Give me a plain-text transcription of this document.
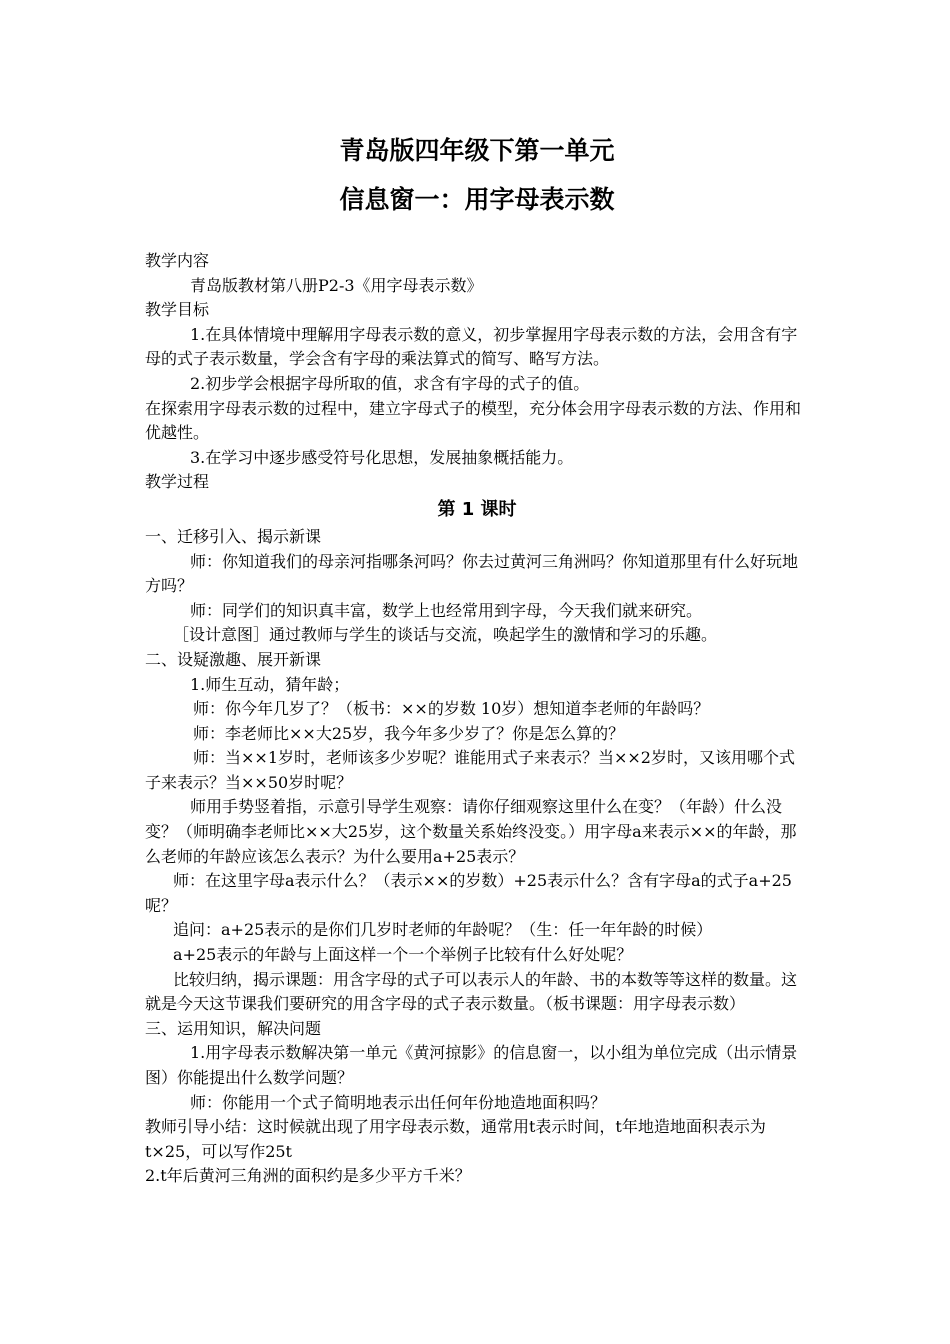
青岛版四年级下第一单元
信息窗一：用字母表示数

教学内容

青岛版教材第八册P2-3《用字母表示数》

教学目标

1.在具体情境中理解用字母表示数的意义，初步掌握用字母表示数的方法，会用含有字母的式子表示数量，学会含有字母的乘法算式的简写、略写方法。

2.初步学会根据字母所取的值，求含有字母的式子的值。

在探索用字母表示数的过程中，建立字母式子的模型，充分体会用字母表示数的方法、作用和优越性。

3.在学习中逐步感受符号化思想，发展抽象概括能力。

教学过程

第 1 课时

一、迁移引入、揭示新课

师：你知道我们的母亲河指哪条河吗？你去过黄河三角洲吗？你知道那里有什么好玩地方吗？

师：同学们的知识真丰富，数学上也经常用到字母，今天我们就来研究。

［设计意图］通过教师与学生的谈话与交流，唤起学生的激情和学习的乐趣。

二、设疑激趣、展开新课

1.师生互动，猜年龄；

师：你今年几岁了？（板书：××的岁数 10岁）想知道李老师的年龄吗？

师：李老师比××大25岁，我今年多少岁了？你是怎么算的？

师：当××1岁时，老师该多少岁呢？谁能用式子来表示？当××2岁时，又该用哪个式子来表示？当××50岁时呢？

师用手势竖着指，示意引导学生观察：请你仔细观察这里什么在变？（年龄）什么没变？（师明确李老师比××大25岁，这个数量关系始终没变。）用字母a来表示××的年龄，那么老师的年龄应该怎么表示？为什么要用a+25表示？

师：在这里字母a表示什么？（表示××的岁数）+25表示什么？含有字母a的式子a+25呢？

追问：a+25表示的是你们几岁时老师的年龄呢？（生：任一年年龄的时候）

a+25表示的年龄与上面这样一个一个举例子比较有什么好处呢？

比较归纳，揭示课题：用含字母的式子可以表示人的年龄、书的本数等等这样的数量。这就是今天这节课我们要研究的用含字母的式子表示数量。（板书课题：用字母表示数）

三、运用知识，解决问题

1.用字母表示数解决第一单元《黄河掠影》的信息窗一，以小组为单位完成（出示情景图）你能提出什么数学问题？

师：你能用一个式子简明地表示出任何年份地造地面积吗？

教师引导小结：这时候就出现了用字母表示数，通常用t表示时间，t年地造地面积表示为t×25，可以写作25t

2.t年后黄河三角洲的面积约是多少平方千米？
